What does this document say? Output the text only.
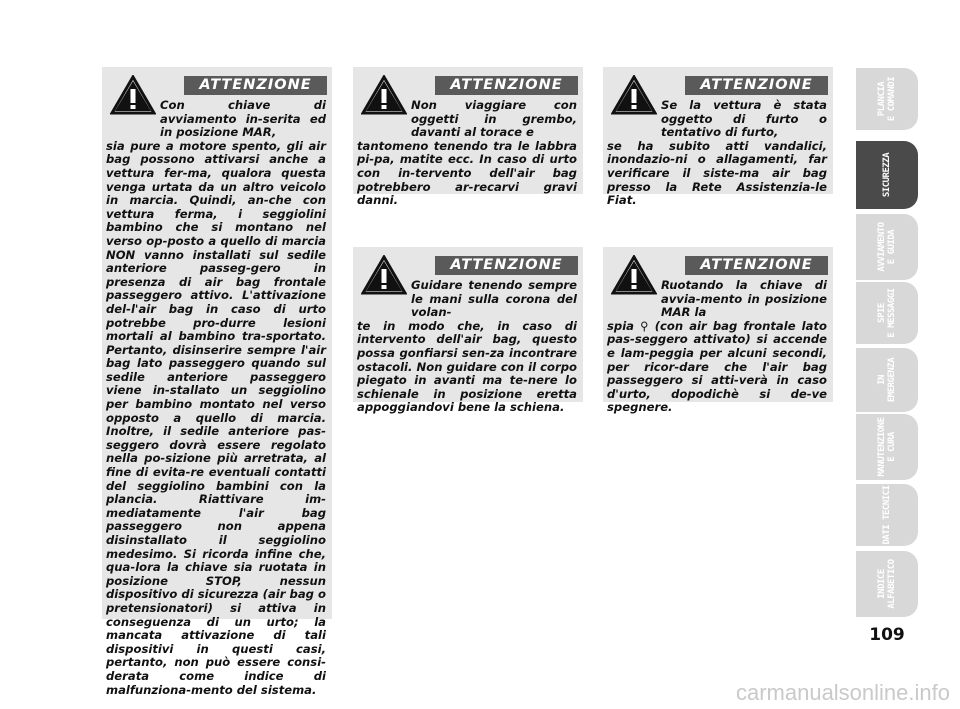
ATTENZIONE
Con chiave di avviamento in-serita ed in posizione MAR,
sia pure a motore spento, gli air bag possono attivarsi anche a vettura fer-ma, qualora questa venga urtata da un altro veicolo in marcia. Quindi, an-che con vettura ferma, i seggiolini bambino che si montano nel verso op-posto a quello di marcia NON vanno installati sul sedile anteriore passeg-gero in presenza di air bag frontale passeggero attivo. L'attivazione del-l'air bag in caso di urto potrebbe pro-durre lesioni mortali al bambino tra-sportato. Pertanto, disinserire sempre l'air bag lato passeggero quando sul sedile anteriore passeggero viene in-stallato un seggiolino per bambino montato nel verso opposto a quello di marcia. Inoltre, il sedile anteriore pas-seggero dovrà essere regolato nella po-sizione più arretrata, al fine di evita-re eventuali contatti del seggiolino bambini con la plancia. Riattivare im-mediatamente l'air bag passeggero non appena disinstallato il seggiolino medesimo. Si ricorda infine che, qua-lora la chiave sia ruotata in posizione STOP, nessun dispositivo di sicurezza (air bag o pretensionatori) si attiva in conseguenza di un urto; la mancata attivazione di tali dispositivi in questi casi, pertanto, non può essere consi-derata come indice di malfunziona-mento del sistema.
ATTENZIONE
Non viaggiare con oggetti in grembo, davanti al torace e
tantomeno tenendo tra le labbra pi-pa, matite ecc. In caso di urto con in-tervento dell'air bag potrebbero ar-recarvi gravi danni.
ATTENZIONE
Se la vettura è stata oggetto di furto o tentativo di furto,
se ha subito atti vandalici, inondazio-ni o allagamenti, far verificare il siste-ma air bag presso la Rete Assistenzia-le Fiat.
ATTENZIONE
Guidare tenendo sempre le mani sulla corona del volan-
te in modo che, in caso di intervento dell'air bag, questo possa gonfiarsi sen-za incontrare ostacoli. Non guidare con il corpo piegato in avanti ma te-nere lo schienale in posizione eretta appoggiandovi bene la schiena.
ATTENZIONE
Ruotando la chiave di avvia-mento in posizione MAR la
spia ⚲ (con air bag frontale lato pas-seggero attivato) si accende e lam-peggia per alcuni secondi, per ricor-dare che l'air bag passeggero si atti-verà in caso d'urto, dopodichè si de-ve spegnere.
PLANCIA
E COMANDI
SICUREZZA
AVVIAMENTO
E GUIDA
SPIE
E MESSAGGI
IN
EMERGENZA
MANUTENZIONE
E CURA
DATI TECNICI
INDICE
ALFABETICO
109
carmanualsonline.info
